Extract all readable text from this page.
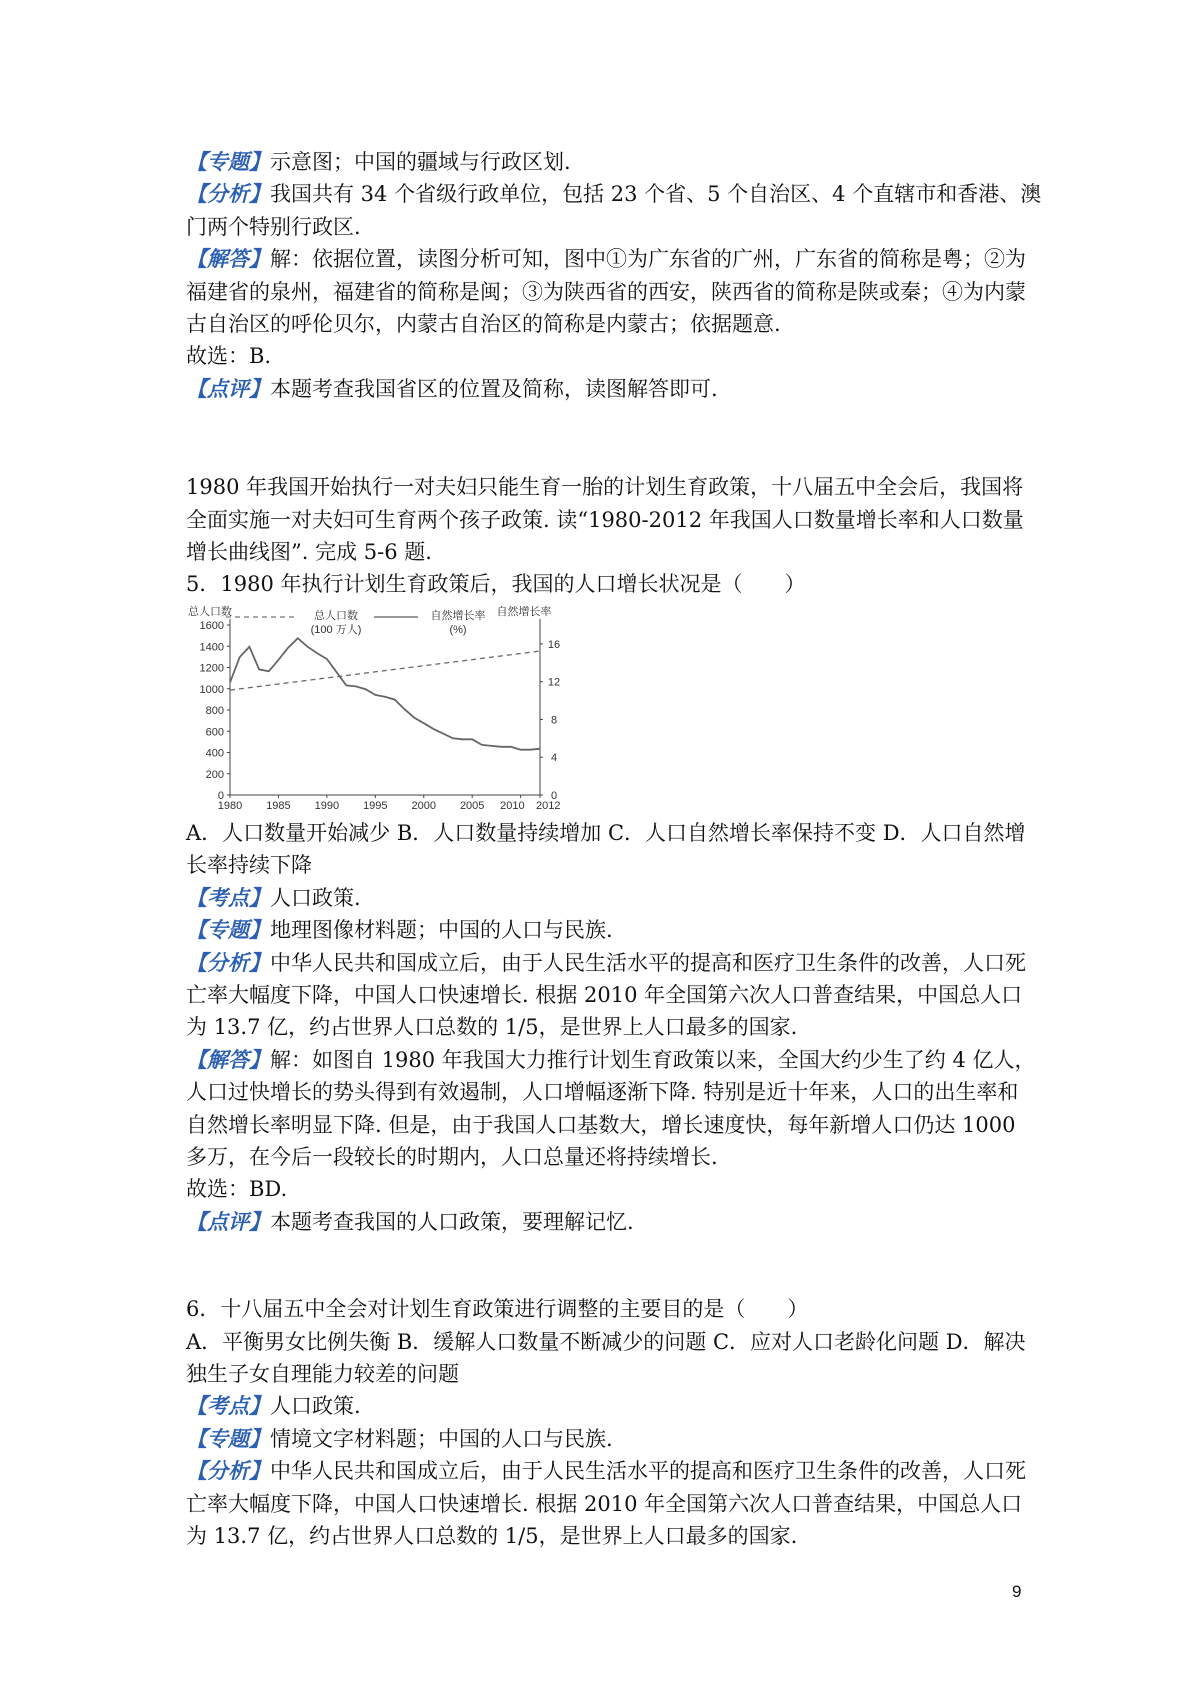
【专题】示意图；中国的疆域与行政区划.
【分析】我国共有 34 个省级行政单位，包括 23 个省、5 个自治区、4 个直辖市和香港、澳
门两个特别行政区.
【解答】解：依据位置，读图分析可知，图中①为广东省的广州，广东省的简称是粤；②为
福建省的泉州，福建省的简称是闽；③为陕西省的西安，陕西省的简称是陕或秦；④为内蒙
古自治区的呼伦贝尔，内蒙古自治区的简称是内蒙古；依据题意.
故选：B.
【点评】本题考查我国省区的位置及简称，读图解答即可.
1980 年我国开始执行一对夫妇只能生育一胎的计划生育政策，十八届五中全会后，我国将
全面实施一对夫妇可生育两个孩子政策. 读“1980-2012 年我国人口数量增长率和人口数量
增长曲线图”. 完成 5-6 题.
5．1980 年执行计划生育政策后，我国的人口增长状况是（　　）
总人口数	自然增长率
总人口数
(100 万人)
自然增长率
(%)
1600
1400
1200
1000
800
600
400
200
0
16
12
8
4
0
1980 1985 1990 1995 2000 2005 2010 2012
A．人口数量开始减少 B．人口数量持续增加 C．人口自然增长率保持不变 D．人口自然增
长率持续下降
【考点】人口政策.
【专题】地理图像材料题；中国的人口与民族.
【分析】中华人民共和国成立后，由于人民生活水平的提高和医疗卫生条件的改善，人口死
亡率大幅度下降，中国人口快速增长. 根据 2010 年全国第六次人口普查结果，中国总人口
为 13.7 亿，约占世界人口总数的 1/5，是世界上人口最多的国家.
【解答】解：如图自 1980 年我国大力推行计划生育政策以来，全国大约少生了约 4 亿人，
人口过快增长的势头得到有效遏制，人口增幅逐渐下降. 特别是近十年来，人口的出生率和
自然增长率明显下降. 但是，由于我国人口基数大，增长速度快，每年新增人口仍达 1000
多万，在今后一段较长的时期内，人口总量还将持续增长.
故选：BD.
【点评】本题考查我国的人口政策，要理解记忆.
6．十八届五中全会对计划生育政策进行调整的主要目的是（　　）
A．平衡男女比例失衡 B．缓解人口数量不断减少的问题 C．应对人口老龄化问题 D．解决
独生子女自理能力较差的问题
【考点】人口政策.
【专题】情境文字材料题；中国的人口与民族.
【分析】中华人民共和国成立后，由于人民生活水平的提高和医疗卫生条件的改善，人口死
亡率大幅度下降，中国人口快速增长. 根据 2010 年全国第六次人口普查结果，中国总人口
为 13.7 亿，约占世界人口总数的 1/5，是世界上人口最多的国家.
9
